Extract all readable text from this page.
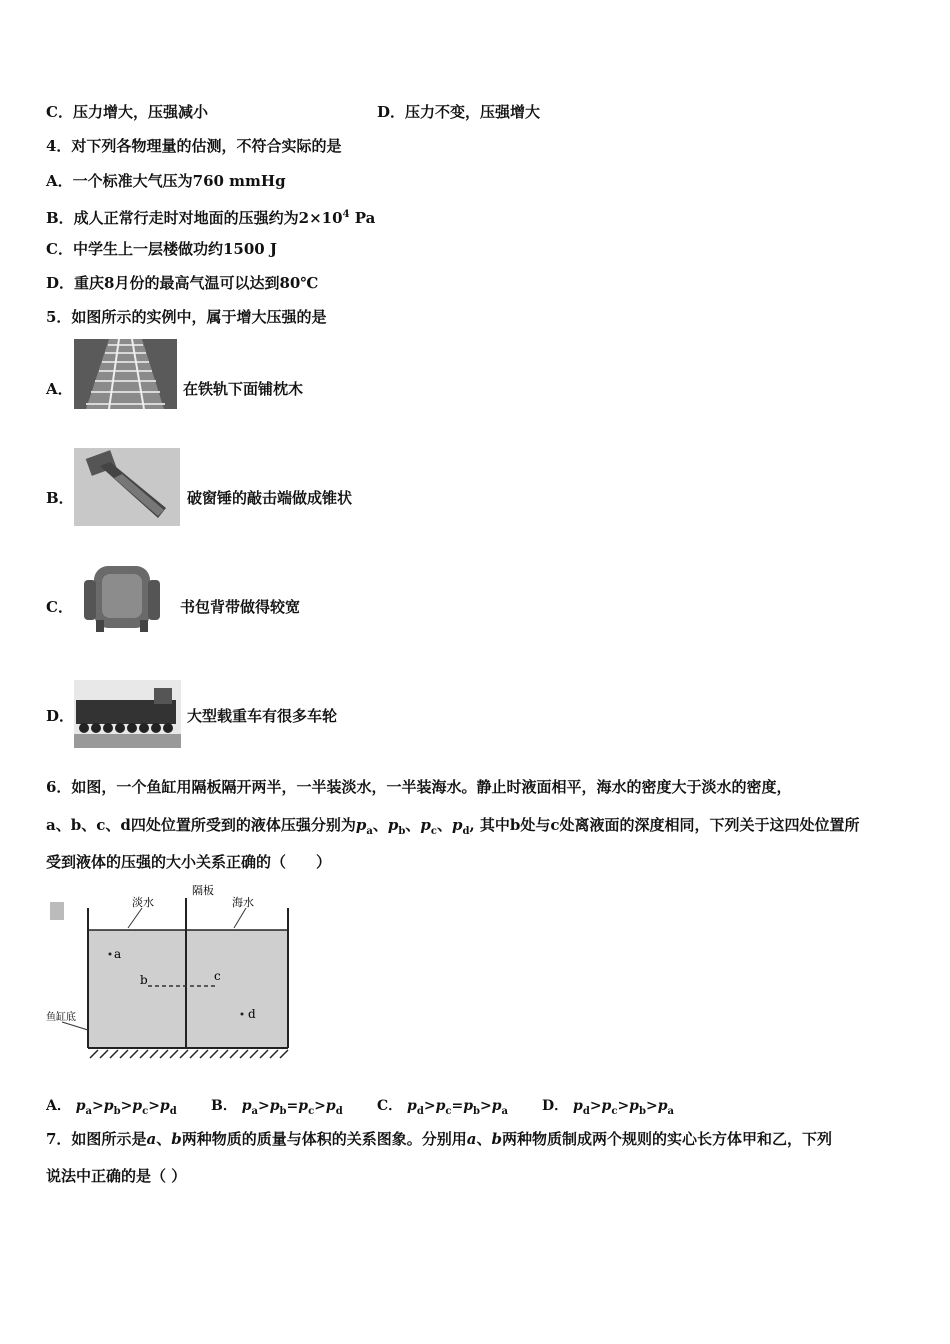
C．压力增大，压强减小	D．压力不变，压强增大
4．对下列各物理量的估测，不符合实际的是
A．一个标准大气压为760 mmHg
B．成人正常行走时对地面的压强约为$2\times 10^4$ Pa
C．中学生上一层楼做功约1500 J
D．重庆8月份的最高气温可以达到80℃
5．如图所示的实例中，属于增大压强的是
A．	在铁轨下面铺枕木
B．	破窗锤的敲击端做成锥状
C．	书包背带做得较宽
D．	大型载重车有很多车轮
6．如图，一个鱼缸用隔板隔开两半，一半装淡水，一半装海水。静止时液面相平，海水的密度大于淡水的密度，
a、b、c、d四处位置所受到的液体压强分别为$p_a$、$p_b$、$p_c$、$p_d$, 其中b处与c处离液面的深度相同，下列关于这四处位置所
受到液体的压强的大小关系正确的（　　）
淡水
隔板
海水
鱼缸底
a
b	c
d
A． $p_a>p_b>p_c>p_d$ B． $p_a>p_b=p_c>p_d$ C． $p_d>p_c=p_b>p_a$ D． $p_d>p_c>p_b>p_a$
7．如图所示是a、b两种物质的质量与体积的关系图象。分别用a、b两种物质制成两个规则的实心长方体甲和乙，下列
说法中正确的是（ ）
